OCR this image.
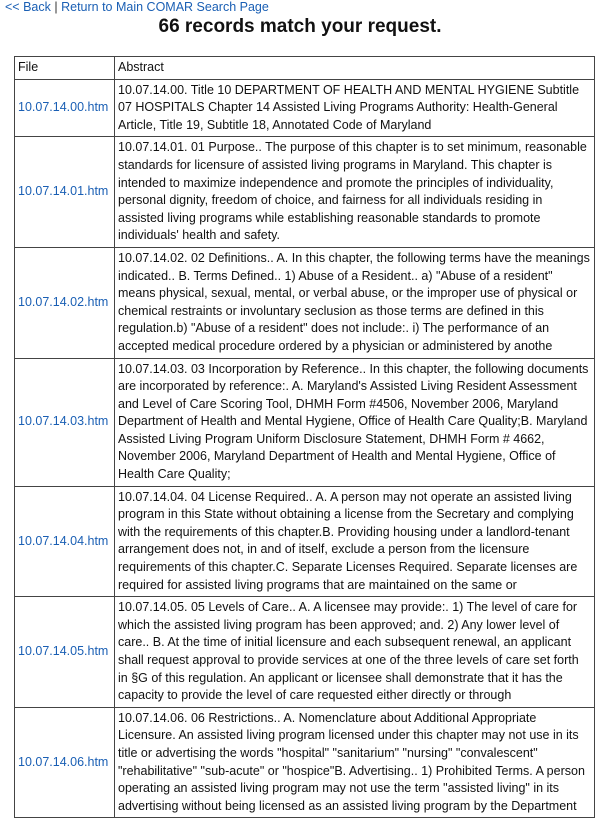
<< Back | Return to Main COMAR Search Page
66 records match your request.
File	Abstract
10.07.14.00.htm	10.07.14.00. Title 10 DEPARTMENT OF HEALTH AND MENTAL HYGIENE Subtitle 07 HOSPITALS Chapter 14 Assisted Living Programs Authority: Health-General Article, Title 19, Subtitle 18, Annotated Code of Maryland
10.07.14.01.htm	10.07.14.01. 01 Purpose.. The purpose of this chapter is to set minimum, reasonable standards for licensure of assisted living programs in Maryland. This chapter is intended to maximize independence and promote the principles of individuality, personal dignity, freedom of choice, and fairness for all individuals residing in assisted living programs while establishing reasonable standards to promote individuals' health and safety.
10.07.14.02.htm	10.07.14.02. 02 Definitions.. A. In this chapter, the following terms have the meanings indicated.. B. Terms Defined.. 1) Abuse of a Resident.. a) "Abuse of a resident" means physical, sexual, mental, or verbal abuse, or the improper use of physical or chemical restraints or involuntary seclusion as those terms are defined in this regulation.b) "Abuse of a resident" does not include:. i) The performance of an accepted medical procedure ordered by a physician or administered by anothe
10.07.14.03.htm	10.07.14.03. 03 Incorporation by Reference.. In this chapter, the following documents are incorporated by reference:. A. Maryland's Assisted Living Resident Assessment and Level of Care Scoring Tool, DHMH Form #4506, November 2006, Maryland Department of Health and Mental Hygiene, Office of Health Care Quality;B. Maryland Assisted Living Program Uniform Disclosure Statement, DHMH Form # 4662, November 2006, Maryland Department of Health and Mental Hygiene, Office of Health Care Quality;
10.07.14.04.htm	10.07.14.04. 04 License Required.. A. A person may not operate an assisted living program in this State without obtaining a license from the Secretary and complying with the requirements of this chapter.B. Providing housing under a landlord-tenant arrangement does not, in and of itself, exclude a person from the licensure requirements of this chapter.C. Separate Licenses Required. Separate licenses are required for assisted living programs that are maintained on the same or
10.07.14.05.htm	10.07.14.05. 05 Levels of Care.. A. A licensee may provide:. 1) The level of care for which the assisted living program has been approved; and. 2) Any lower level of care.. B. At the time of initial licensure and each subsequent renewal, an applicant shall request approval to provide services at one of the three levels of care set forth in §G of this regulation. An applicant or licensee shall demonstrate that it has the capacity to provide the level of care requested either directly or through
10.07.14.06.htm	10.07.14.06. 06 Restrictions.. A. Nomenclature about Additional Appropriate Licensure. An assisted living program licensed under this chapter may not use in its title or advertising the words "hospital" "sanitarium" "nursing" "convalescent" "rehabilitative" "sub-acute" or "hospice"B. Advertising.. 1) Prohibited Terms. A person operating an assisted living program may not use the term "assisted living" in its advertising without being licensed as an assisted living program by the Department
